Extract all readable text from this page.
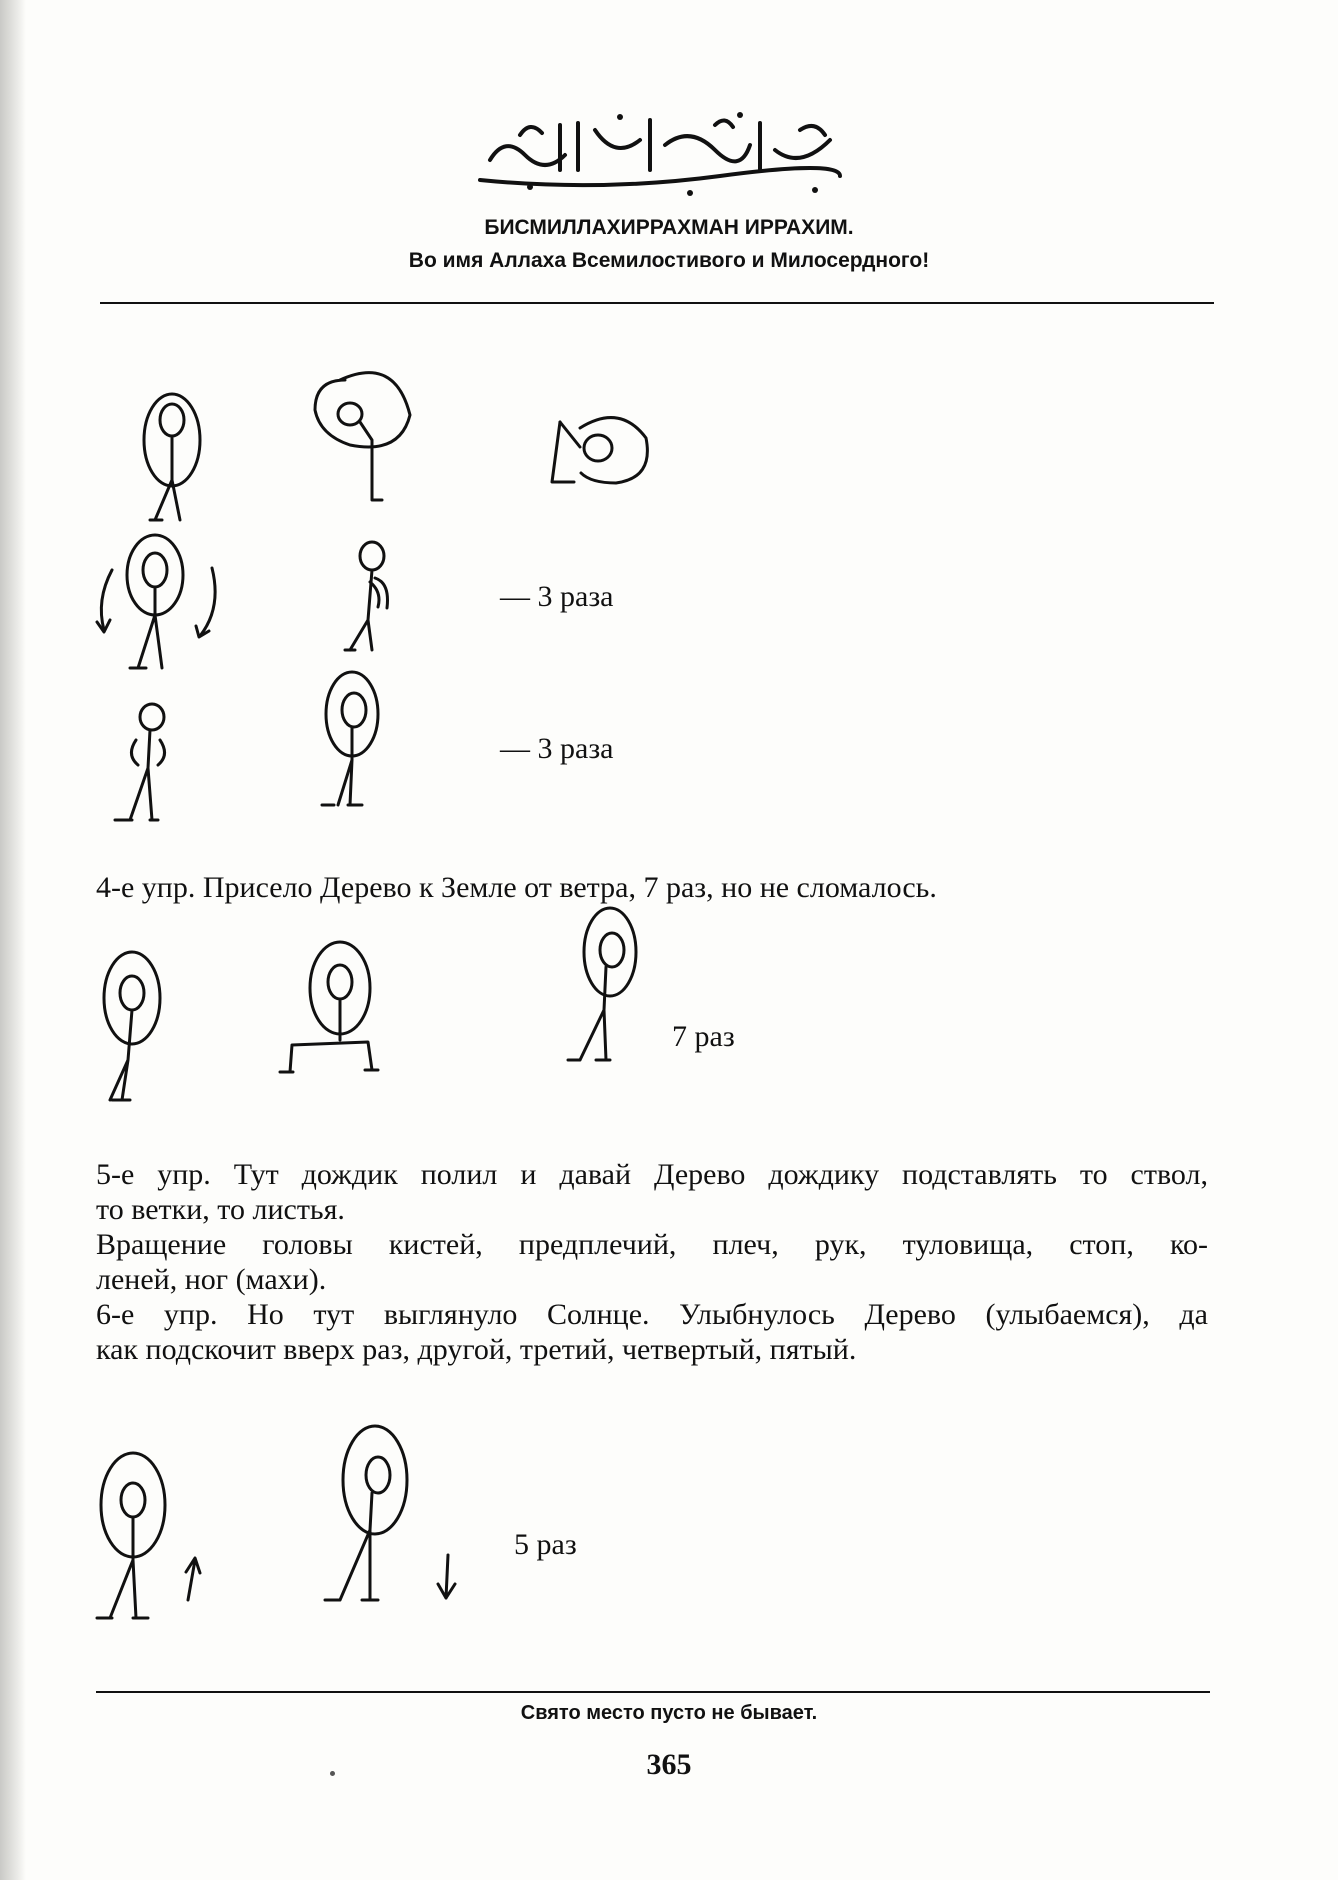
БИСМИЛЛАХИРРАХМАН ИРРАХИМ.
Во имя Аллаха Всемилостивого и Милосердного!
— 3 раза
— 3 раза
7 раз
5 раз
4-е упр. Присело Дерево к Земле от ветра, 7 раз, но не сломалось.
5-е упр. Тут дождик полил и давай Дерево дождику подставлять то ствол,
то ветки, то листья.
Вращение головы кистей, предплечий, плеч, рук, туловища, стоп, ко-
леней, ног (махи).
6-е упр. Но тут выглянуло Солнце. Улыбнулось Дерево (улыбаемся), да
как подскочит вверх раз, другой, третий, четвертый, пятый.
Свято место пусто не бывает.
365
